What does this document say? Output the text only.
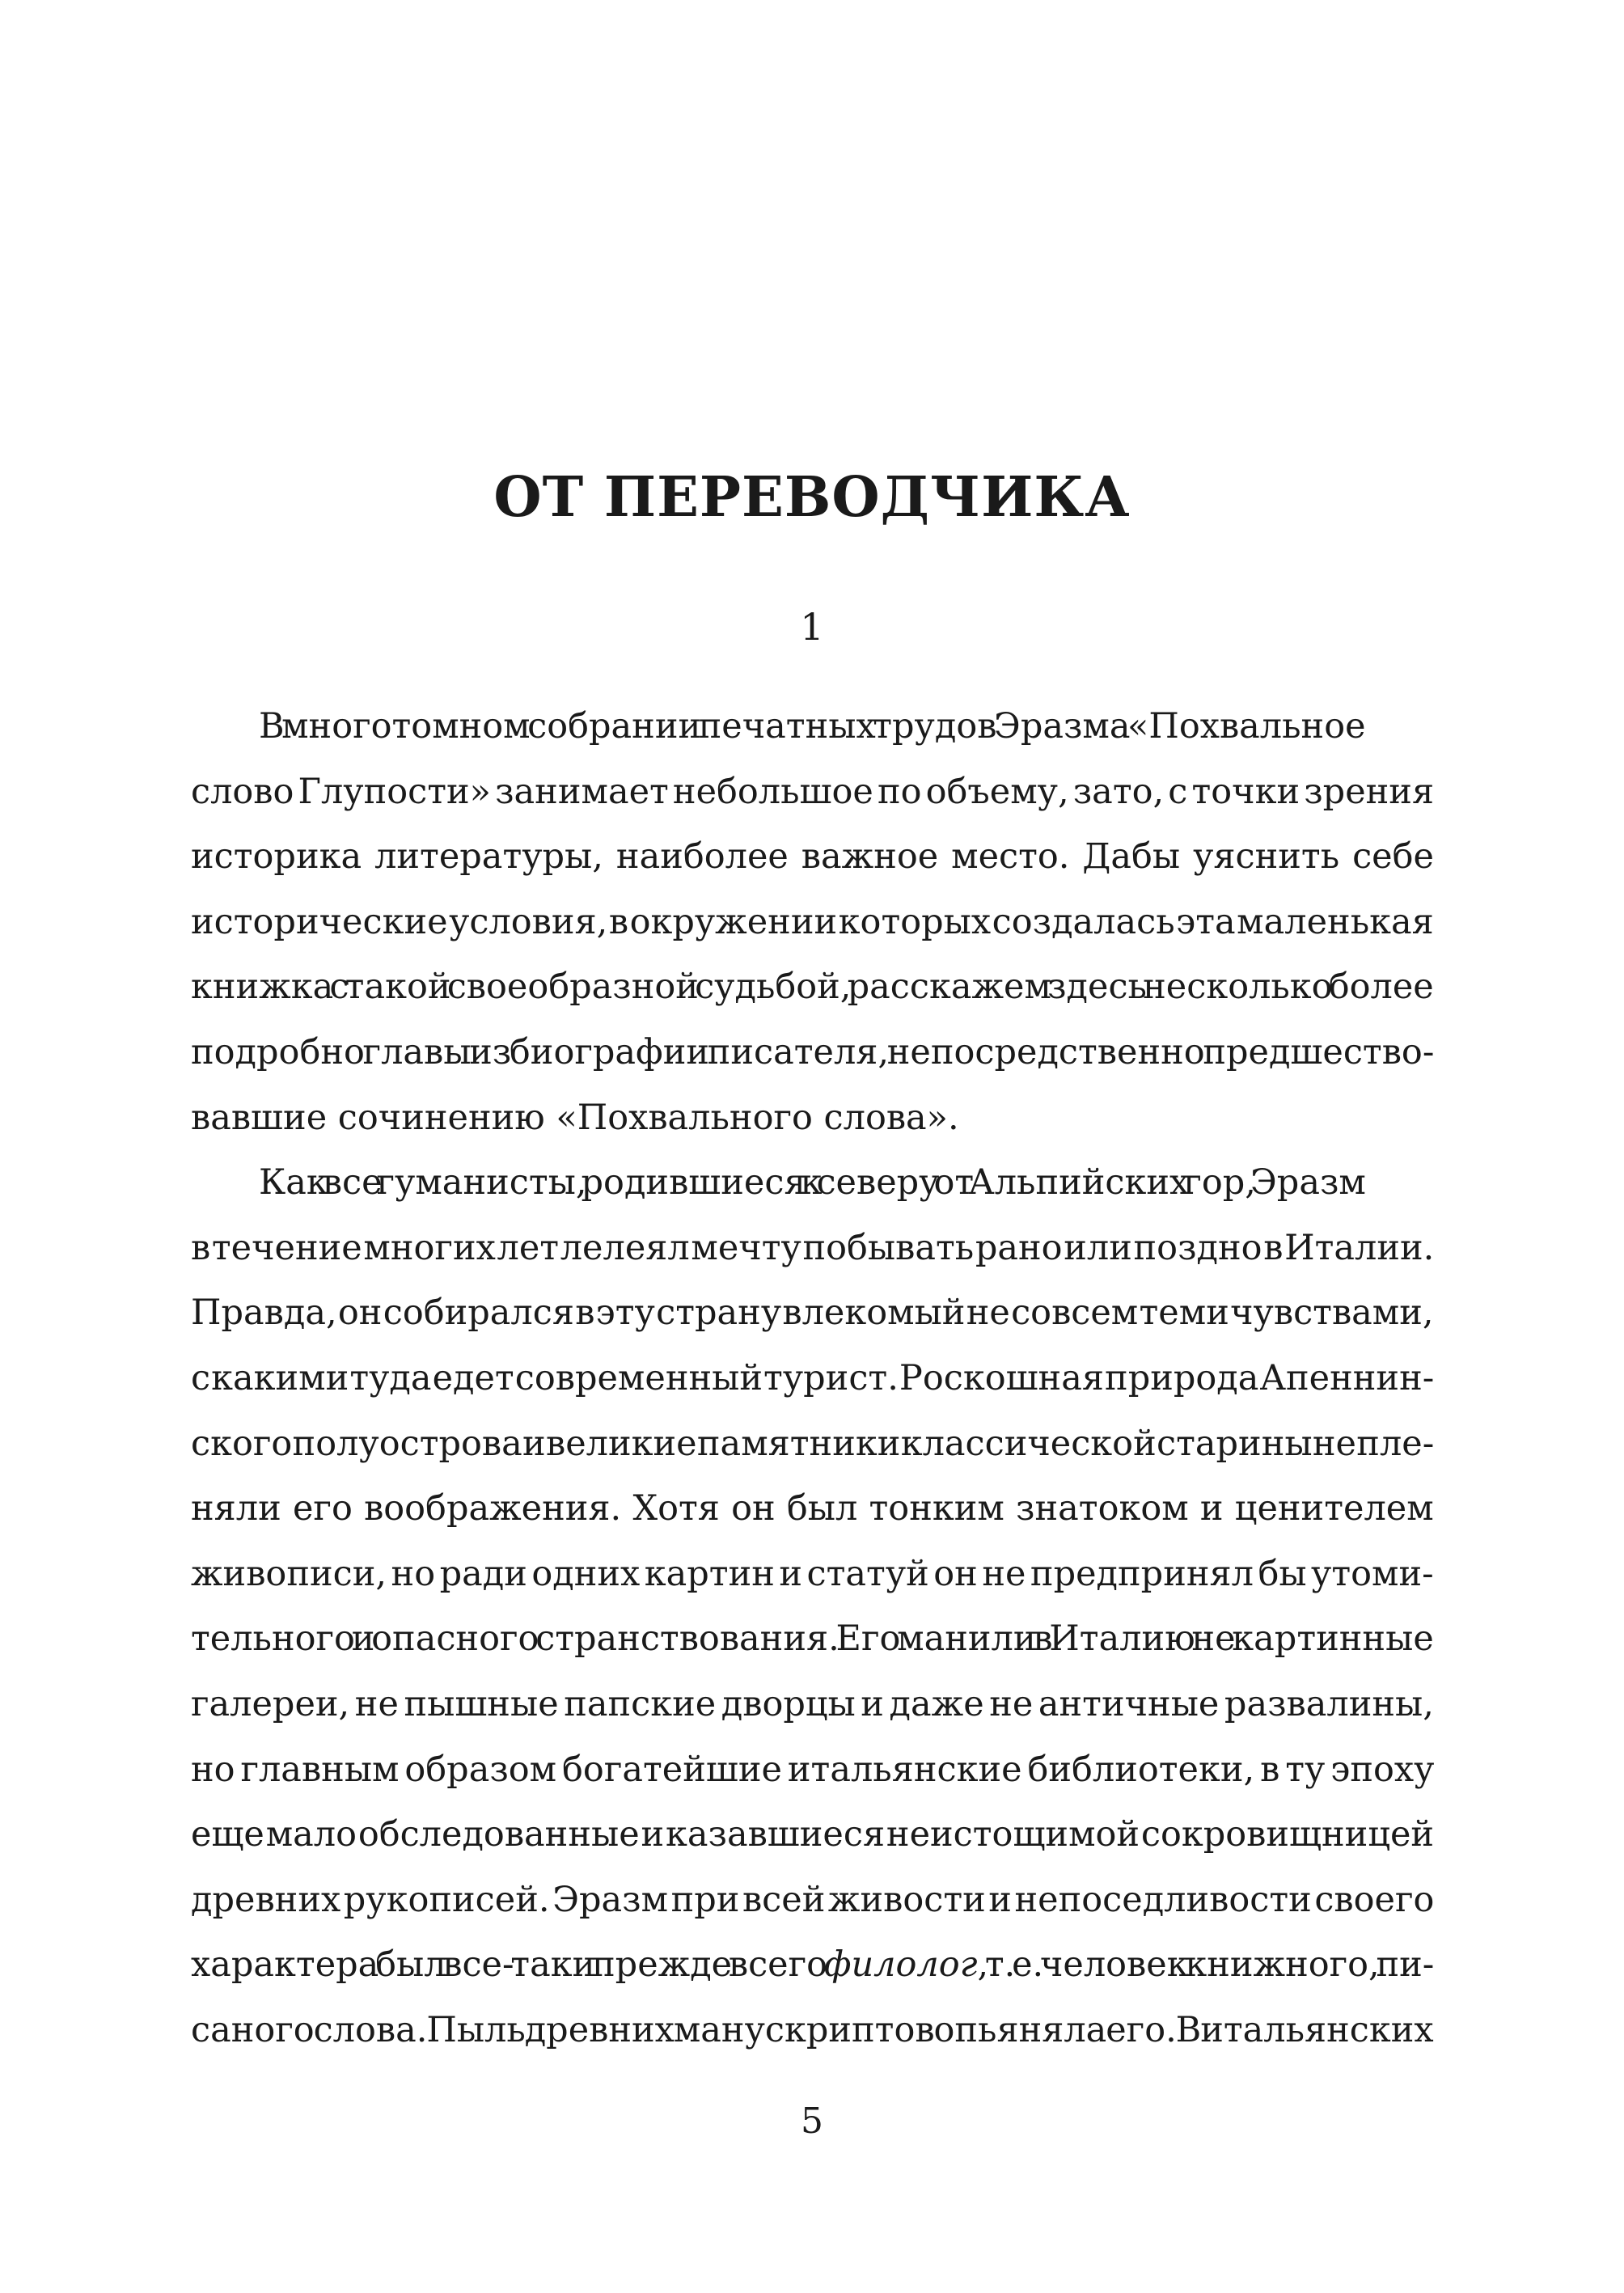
ОТ ПЕРЕВОДЧИКА
1
В многотомном собрании печатных трудов Эразма «Похвальное
слово Глупости» занимает небольшое по объему, зато, с точки зрения
историка литературы, наиболее важное место. Дабы уяснить себе
исторические условия, в окружении которых создалась эта маленькая
книжка с такой своеобразной судьбой, расскажем здесь несколько более
подробно главы из биографии писателя, непосредственно предшество-
вавшие сочинению «Похвального слова».
Как все гуманисты, родившиеся к северу от Альпийских гор, Эразм
в течение многих лет лелеял мечту побывать рано или поздно в Италии.
Правда, он собирался в эту страну влекомый не совсем теми чувствами,
с какими туда едет современный турист. Роскошная природа Апеннин-
ского полуострова и великие памятники классической старины не пле-
няли его воображения. Хотя он был тонким знатоком и ценителем
живописи, но ради одних картин и статуй он не предпринял бы утоми-
тельного и опасного странствования. Его манили в Италию не картинные
галереи, не пышные папские дворцы и даже не античные развалины,
но главным образом богатейшие итальянские библиотеки, в ту эпоху
еще мало обследованные и казавшиеся неистощимой сокровищницей
древних рукописей. Эразм при всей живости и непоседливости своего
характера был все- таки прежде всего филолог, т. е. человек книжного, пи-
саного слова. Пыль древних манускриптов опьяняла его. В итальянских
5
